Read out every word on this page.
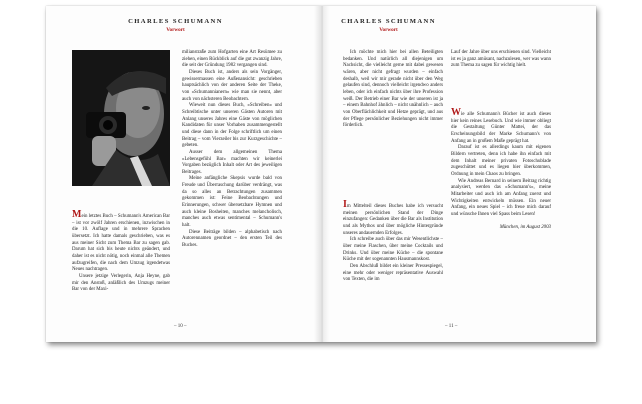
CHARLES SCHUMANN
Vorwort

Mein letztes Buch – Schumann's American Bar – ist vor zwölf Jahren erschienen, inzwischen in die 10. Auflage und in mehrere Sprachen übersetzt. Ich hatte damals geschrieben, was es aus meiner Sicht zum Thema Bar zu sagen gab. Darum hat sich bis heute nichts geändert, und daher ist es nicht nötig, noch einmal alle Themen aufzugreifen, die nach dem Umzug irgendetwas Neues nachtragen.

Unsere jetzige Verlegerin, Anja Heyne, gab mir den Anstoß, anläßlich des Umzugs meiner Bar von der Maxi-

milianstraße zum Hofgarten eine Art Resümee zu ziehen, einen Rückblick auf die gut zwanzig Jahre, die seit der Gründung 1982 vergangen sind.

Dieses Buch ist, anders als sein Vorgänger, gewissermassen eine Außenansicht: geschrieben hauptsächlich von der anderen Seite der Theke, von »Schumannianern« wie man sie nennt, aber auch von nächsteren Beobachtern.

Wieweit nun dieses Buch, »Schreiben« und Schreibtische unter unseren Gästen Autoren mit Anlang unseres Jahres eine Gäste von möglichen Kandidaten für unser Vorhaben zusammengestellt und diese dann in der Folge schriftlich um einen Beitrag – vom Vierzeiler bis zur Kurzgeschichte – gebeten.

Ausser dem allgemeinen Thema »Lebensgefühl Bar« machten wir keinerlei Vorgaben bezüglich Inhalt oder Art des jeweiligen Beitrages.

Meine anfängliche Skepsis wurde bald von Freude und Überraschung darüber verdrängt, was da so alles an Betrachtungen zusammen gekommen ist: Feine Beobachtungen und Erinnerungen, schwer übersetzbare Hymnen und auch kleine Bosheiten, manches melancholisch, manches auch etwas sentimental – Schumann's halt.

Diese Beiträge bilden – alphabetisch nach Autorennamen geordnet – den ersten Teil des Buches.

– 10 –
CHARLES SCHUMANN
Vorwort

Ich möchte mich hier bei allen Beteiligten bedanken. Und natürlich all diejenigen um Nachsicht, die vielleicht gerne mit dabei gewesen wären, aber nicht gefragt wurden – einfach deshalb, weil wir mir gerade nicht über den Weg gelaufen sind, dennoch vielleicht irgendwo anders leben, oder ich einfach nichts über ihre Profession weiß. Der Betrieb einer Bar wie der unseren ist ja – einem Bahnhof ähnlich – nicht unähnlich – auch von Oberflächlichkeit und Hetze geprägt, und aus der Pflege persönlicher Beziehungen nicht immer förderlich.

Im Mittelteil dieses Buches habe ich versucht meinen persönlichen Stand der Dinge einzufangen: Gedanken über die Bar als Institution und als Mythos und über mögliche Hintergründe unseres andauernden Erfolges.

Ich schreibe auch über das mir Wesentlichste – über meine Flaschen, über meine Cocktails und Drinks. Und über meine Küche – die spontane Küche mit der sogenannten Hausmannskost.

Den Abschluß bildet ein kleiner Pressespiegel, eine mehr oder weniger repräsentative Auswahl von Texten, die im

Lauf der Jahre über uns erschienen sind. Vielleicht ist es ja ganz amüsant, nachzulesen, wer was wann zum Thema zu sagen für wichtig hielt.

Wie alle Schumann's Bücher ist auch dieses hier kein reines Lesebuch. Und wie immer obliegt die Gestaltung Günter Mattei, der das Erscheinungsbild der Marke Schumann's von Anfang an in großem Maße geprägt hat.

Darauf ist es allerdings kaum mit eigenen Bildern vertreten, denn ich habe ihn einfach mit dem Inhalt meiner privaten Fotoschublade zugeschüttet und es liegen hier überkommen, Ordnung in mein Chaos zu bringen.

Wie Andreas Bernard in seinem Beitrag richtig analysiert, werden das »Schumann's«, meine Mitarbeiter und auch ich am Anfang zuerst und Wichtigkeiten entwickeln müssen. Ein neuer Anfang, ein neues Spiel – ich freue mich darauf und wünsche Ihnen viel Spass beim Lesen!

München, im August 2003
– 11 –
